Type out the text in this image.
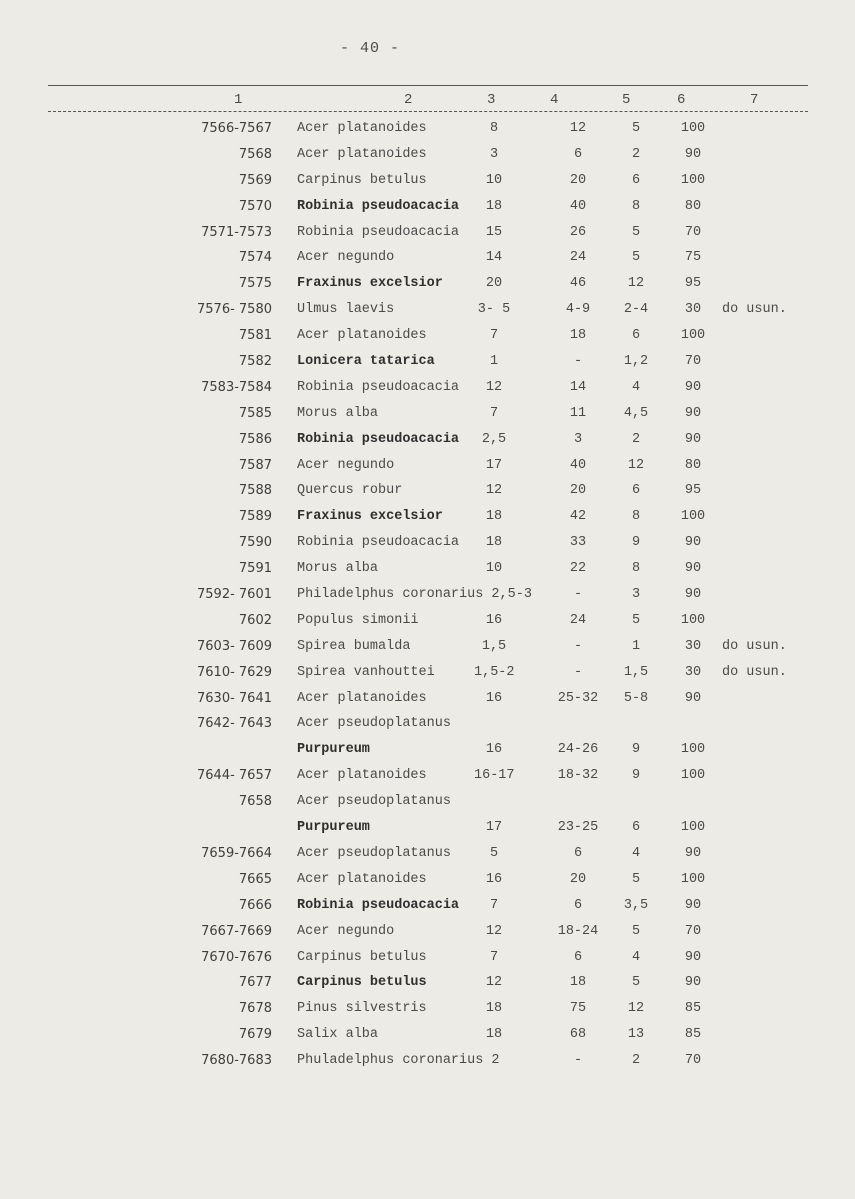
- 40 -
1	2	3	4	5	6	7
7566-7567 Acer platanoides	8	12	5	100
7568 Acer platanoides	3	6	2	90
7569 Carpinus betulus	10	20	6	100
7570 Robinia pseudoacacia	18	40	8	80
7571-7573 Robinia pseudoacacia	15	26	5	70
7574 Acer negundo	14	24	5	75
7575 Fraxinus excelsior	20	46	12	95
7576- 7580 Ulmus laevis	3- 5	4-9	2-4	30	do usun.
7581 Acer platanoides	7	18	6	100
7582 Lonicera tatarica	1	-	1,2	70
7583-7584 Robinia pseudoacacia	12	14	4	90
7585 Morus alba	7	11	4,5	90
7586 Robinia pseudoacacia	2,5	3	2	90
7587 Acer negundo	17	40	12	80
7588 Quercus robur	12	20	6	95
7589 Fraxinus excelsior	18	42	8	100
7590 Robinia pseudoacacia	18	33	9	90
7591 Morus alba	10	22	8	90
7592- 7601 Philadelphus coronarius 2,5-3	-	3	90
7602 Populus simonii	16	24	5	100
7603- 7609 Spirea bumalda	1,5	-	1	30	do usun.
7610- 7629 Spirea vanhouttei	1,5-2	-	1,5	30	do usun.
7630- 7641 Acer platanoides	16	25-32	5-8	90
7642- 7643 Acer pseudoplatanus
Purpureum	16	24-26	9	100
7644- 7657 Acer platanoides	16-17	18-32	9	100
7658 Acer pseudoplatanus
Purpureum	17	23-25	6	100
7659-7664 Acer pseudoplatanus	5	6	4	90
7665 Acer platanoides	16	20	5	100
7666 Robinia pseudoacacia	7	6	3,5	90
7667-7669 Acer negundo	12	18-24	5	70
7670-7676 Carpinus betulus	7	6	4	90
7677 Carpinus betulus	12	18	5	90
7678 Pinus silvestris	18	75	12	85
7679 Salix alba	18	68	13	85
7680-7683 Phuladelphus coronarius 2	-	2	70
